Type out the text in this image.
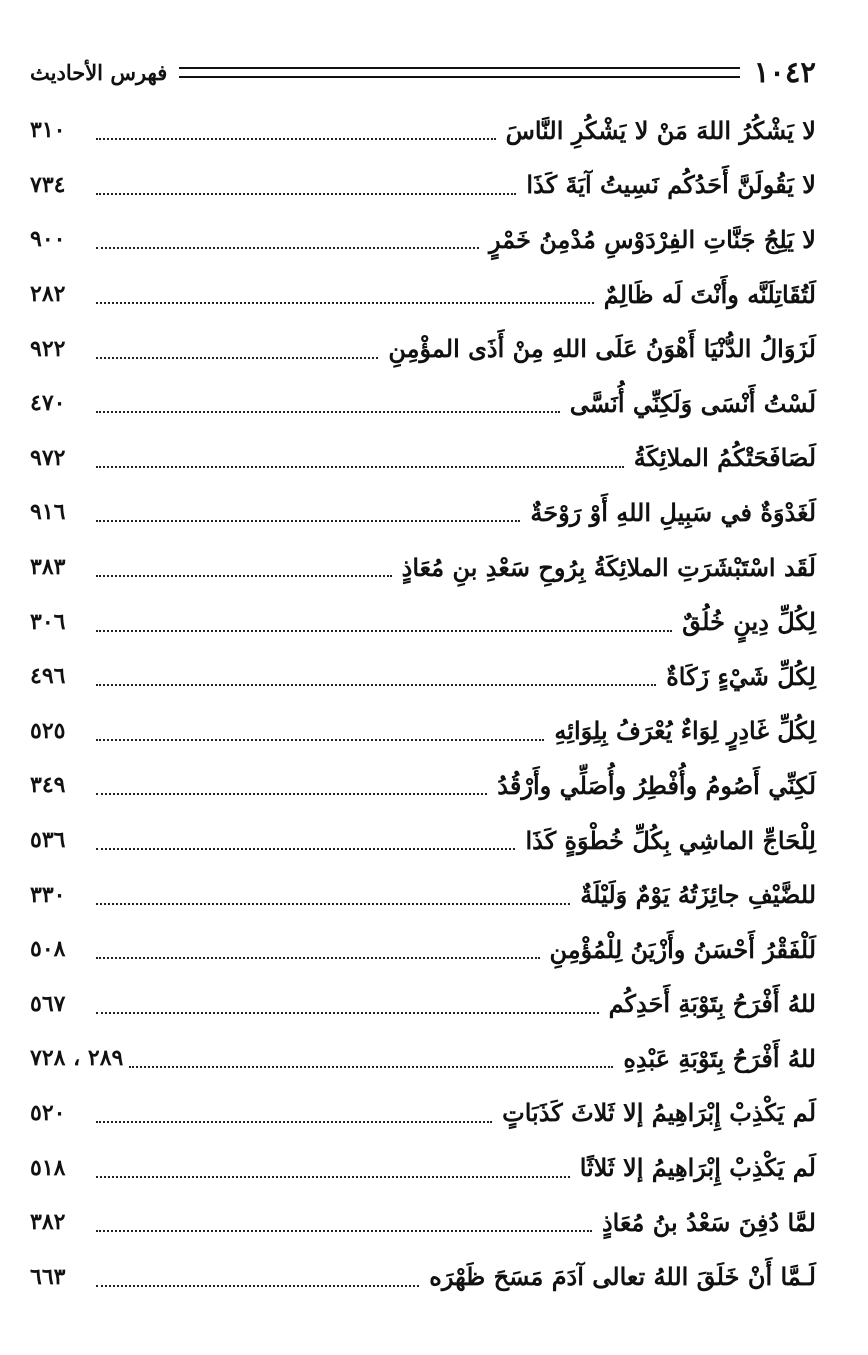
١٠٤٢
فهرس الأحاديث
لا يَشْكُرُ اللهَ مَنْ لا يَشْكُرِ النَّاسَ
٣١٠
لا يَقُولَنَّ أَحَدُكُم نَسِيتُ آيَةَ كَذَا
٧٣٤
لا يَلِجُ جَنَّاتِ الفِرْدَوْسِ مُدْمِنُ خَمْرٍ
٩٠٠
لَتُقَاتِلَنَّه وأَنْتَ لَه ظَالِمٌ
٢٨٢
لَزَوَالُ الدُّنْيَا أَهْوَنُ عَلَى اللهِ مِنْ أَذَى المؤْمِنِ
٩٢٢
لَسْتُ أَنْسَى وَلَكِنِّي أُنَسَّى
٤٧٠
لَصَافَحَتْكُمُ الملائِكَةُ
٩٧٢
لَغَدْوَةٌ في سَبِيلِ اللهِ أَوْ رَوْحَةٌ
٩١٦
لَقَد اسْتَبْشَرَتِ الملائِكَةُ بِرُوحِ سَعْدِ بنِ مُعَاذٍ
٣٨٣
لِكُلِّ دِينٍ خُلُقٌ
٣٠٦
لِكُلِّ شَيْءٍ زَكَاةٌ
٤٩٦
لِكُلِّ غَادِرٍ لِوَاءٌ يُعْرَفُ بِلِوَائِهِ
٥٢٥
لَكِنِّي أَصُومُ وأُفْطِرُ وأُصَلِّي وأَرْقُدُ
٣٤٩
لِلْحَاجِّ الماشِي بِكُلِّ خُطْوَةٍ كَذَا
٥٣٦
للضَّيْفِ جائِزَتُهُ يَوْمٌ وَلَيْلَةٌ
٣٣٠
لَلْفَقْرُ أَحْسَنُ وأَزْيَنُ لِلْمُؤْمِنِ
٥٠٨
للهُ أَفْرَحُ بِتَوْبَةِ أَحَدِكُم
٥٦٧
للهُ أَفْرَحُ بِتَوْبَةِ عَبْدِهِ
٢٨٩ ، ٧٢٨
لَم يَكْذِبْ إِبْرَاهِيمُ إلا ثَلاثَ كَذَبَاتٍ
٥٢٠
لَم يَكْذِبْ إِبْرَاهِيمُ إلا ثَلاثًا
٥١٨
لمَّا دُفِنَ سَعْدُ بنُ مُعَاذٍ
٣٨٢
لَـمَّا أَنْ خَلَقَ اللهُ تعالى آدَمَ مَسَحَ ظَهْرَه
٦٦٣
